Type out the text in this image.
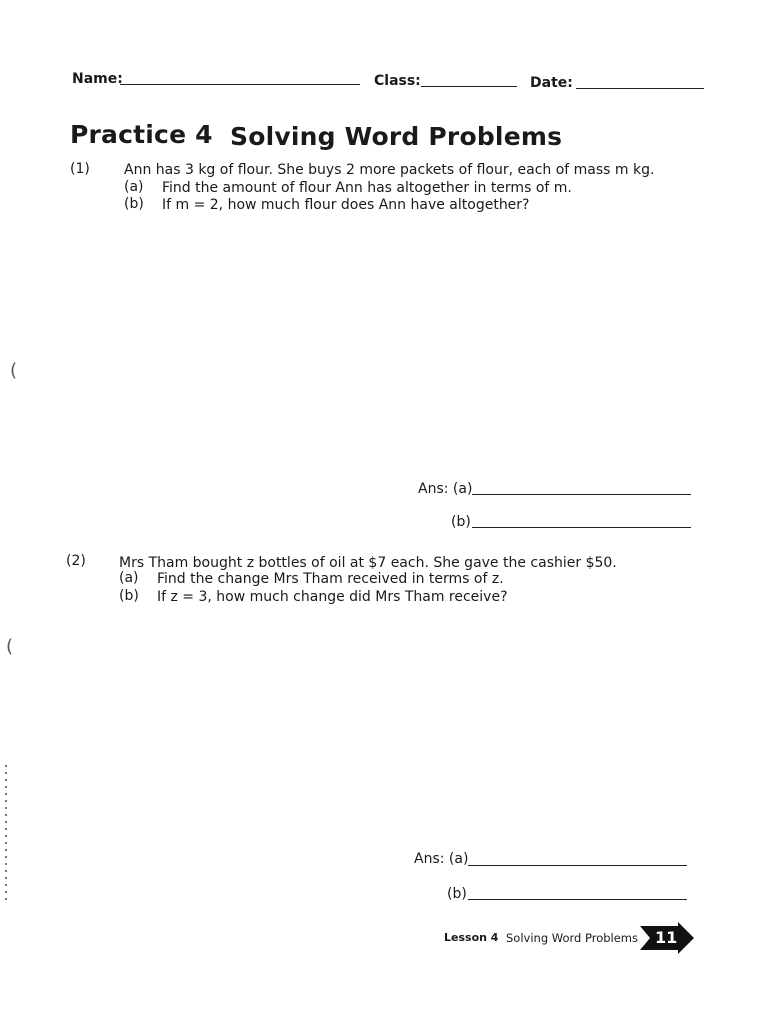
Name:	Class:	Date:
Practice 4 Solving Word Problems
(1) Ann has 3 kg of flour. She buys 2 more packets of flour, each of mass m kg.
(a) Find the amount of flour Ann has altogether in terms of m.
(b) If m = 2, how much flour does Ann have altogether?
(
Ans: (a)
(b)
(2) Mrs Tham bought z bottles of oil at $7 each. She gave the cashier $50.
(a) Find the change Mrs Tham received in terms of z.
(b) If z = 3, how much change did Mrs Tham receive?
(
Ans: (a)
(b)
Lesson 4 Solving Word Problems 11
